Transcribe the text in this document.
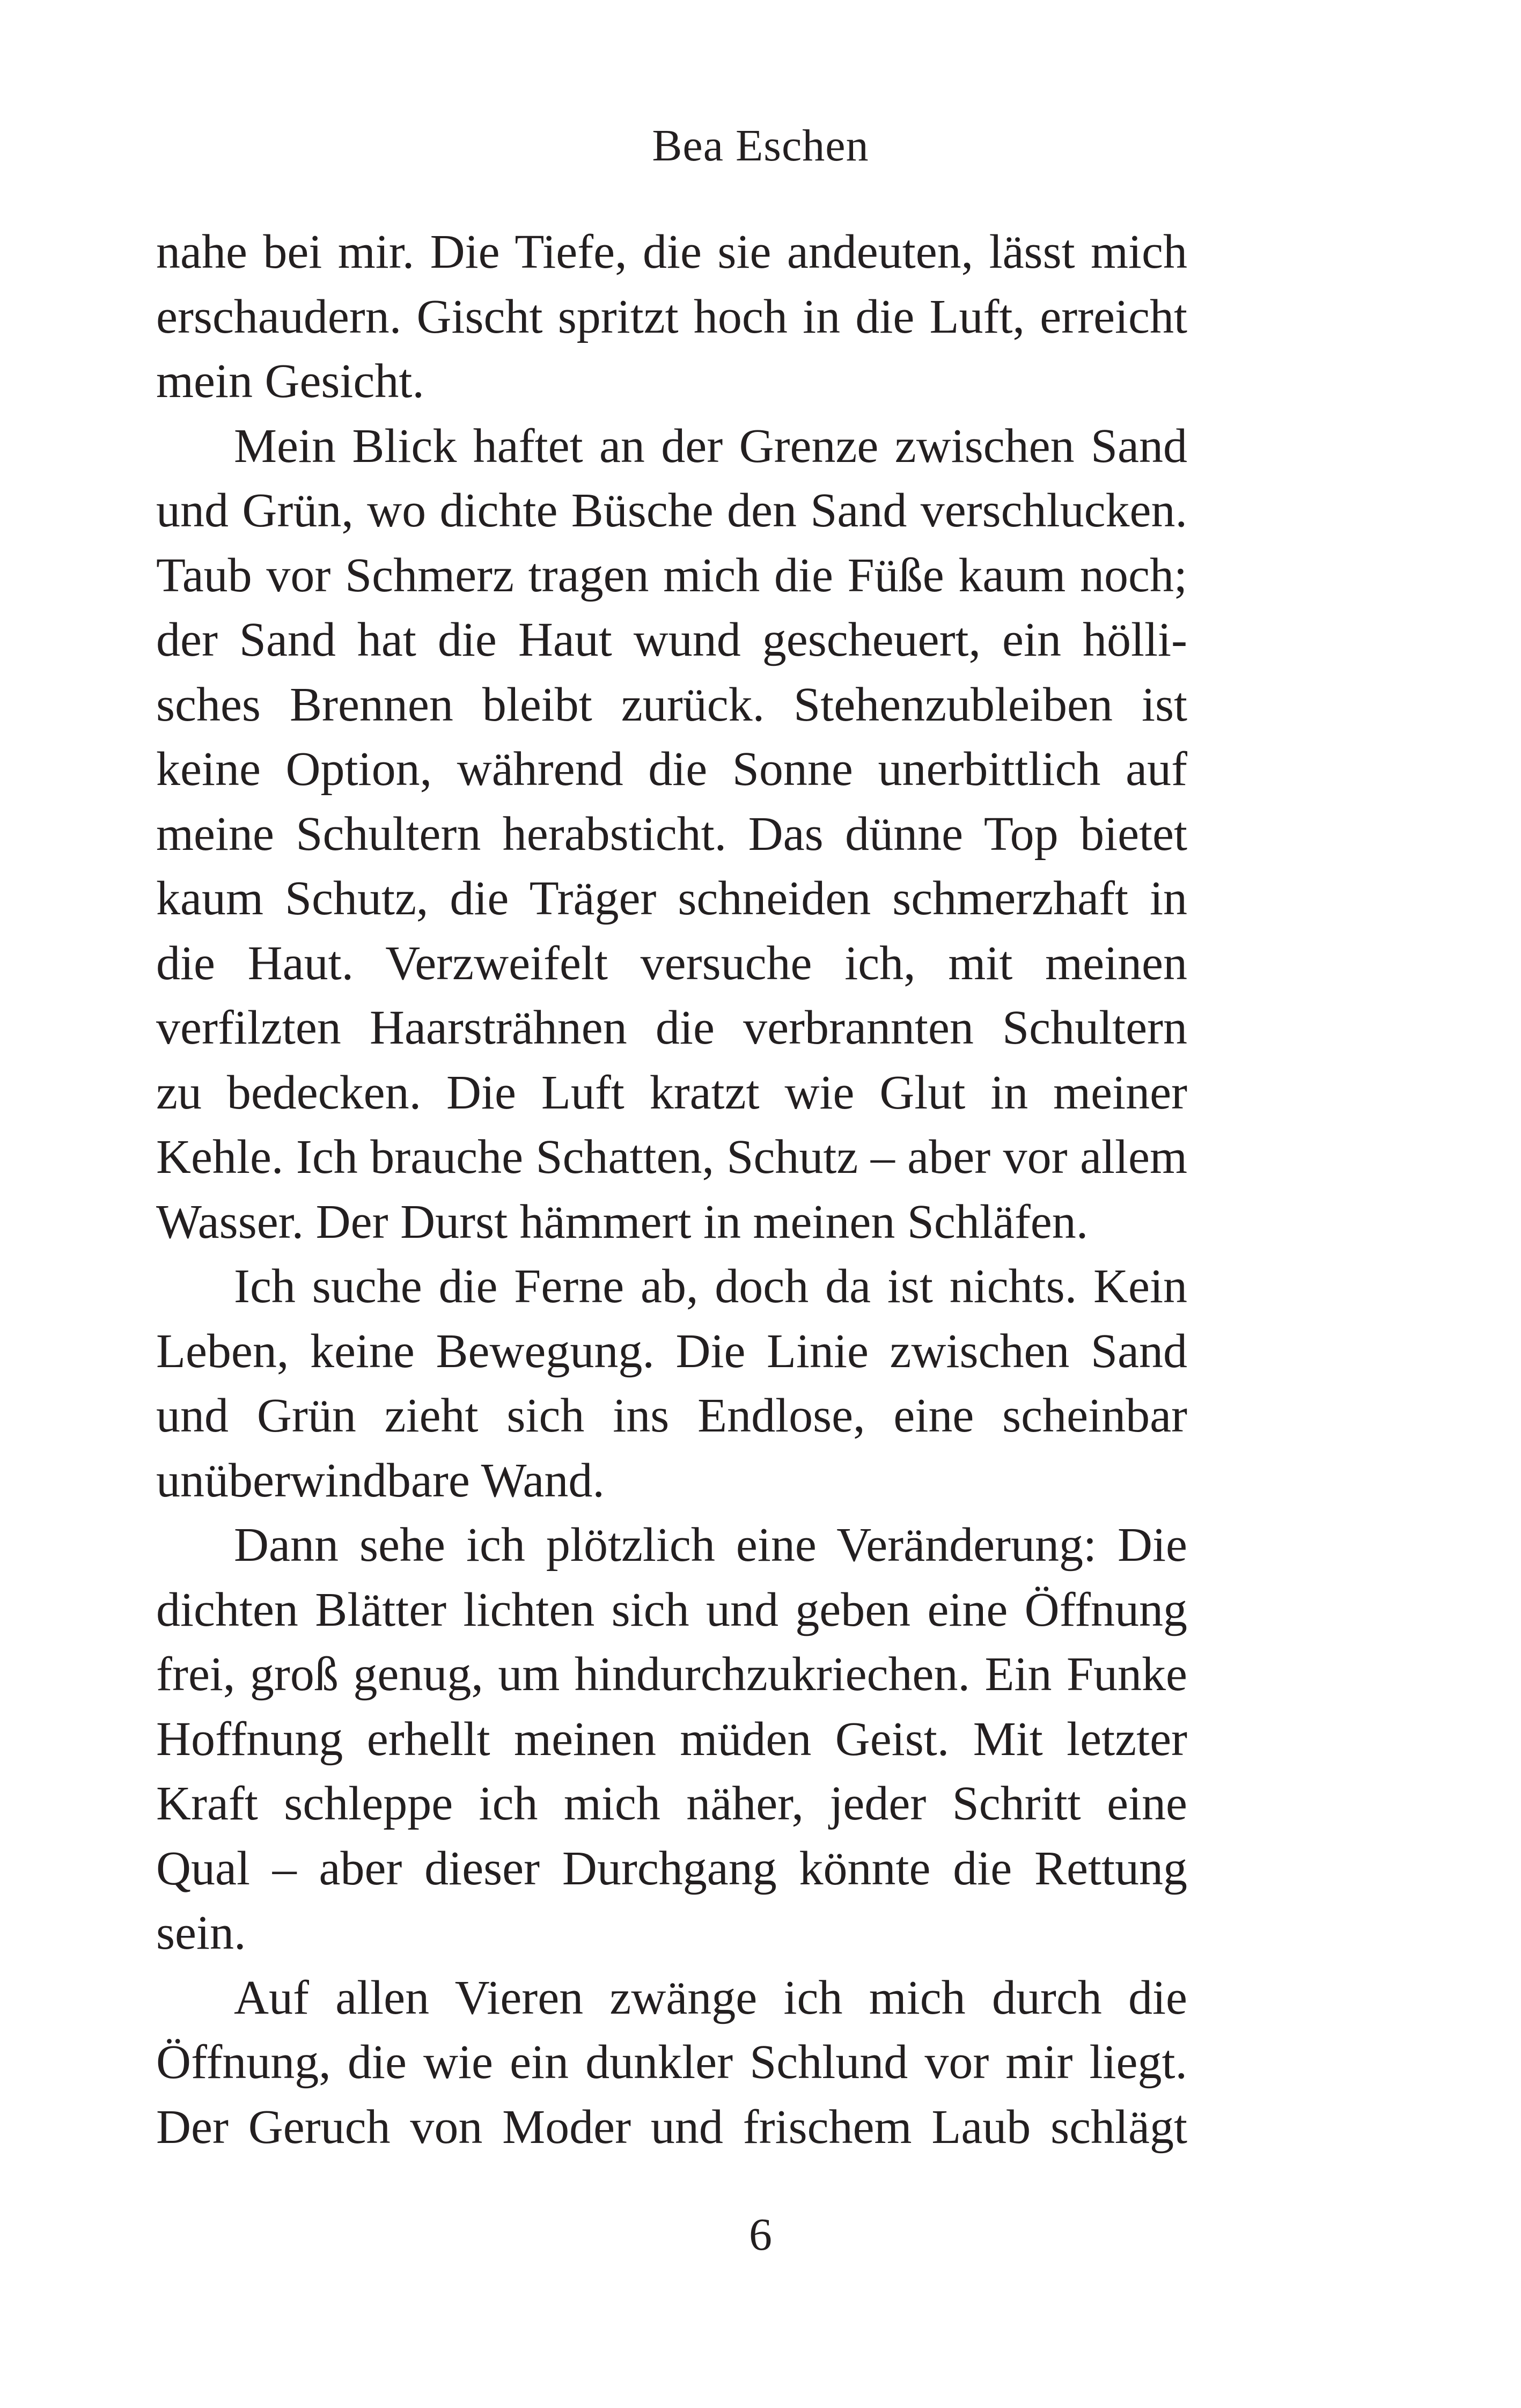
Bea Eschen
nahe bei mir. Die Tiefe, die sie andeuten, lässt mich
erschaudern. Gischt spritzt hoch in die Luft, erreicht
mein Gesicht.
Mein Blick haftet an der Grenze zwischen Sand
und Grün, wo dichte Büsche den Sand verschlucken.
Taub vor Schmerz tragen mich die Füße kaum noch;
der Sand hat die Haut wund gescheuert, ein hölli-
sches Brennen bleibt zurück. Stehenzubleiben ist
keine Option, während die Sonne unerbittlich auf
meine Schultern herabsticht. Das dünne Top bietet
kaum Schutz, die Träger schneiden schmerzhaft in
die Haut. Verzweifelt versuche ich, mit meinen
verfilzten Haarsträhnen die verbrannten Schultern
zu bedecken. Die Luft kratzt wie Glut in meiner
Kehle. Ich brauche Schatten, Schutz – aber vor allem
Wasser. Der Durst hämmert in meinen Schläfen.
Ich suche die Ferne ab, doch da ist nichts. Kein
Leben, keine Bewegung. Die Linie zwischen Sand
und Grün zieht sich ins Endlose, eine scheinbar
unüberwindbare Wand.
Dann sehe ich plötzlich eine Veränderung: Die
dichten Blätter lichten sich und geben eine Öffnung
frei, groß genug, um hindurchzukriechen. Ein Funke
Hoffnung erhellt meinen müden Geist. Mit letzter
Kraft schleppe ich mich näher, jeder Schritt eine
Qual – aber dieser Durchgang könnte die Rettung
sein.
Auf allen Vieren zwänge ich mich durch die
Öffnung, die wie ein dunkler Schlund vor mir liegt.
Der Geruch von Moder und frischem Laub schlägt
6
